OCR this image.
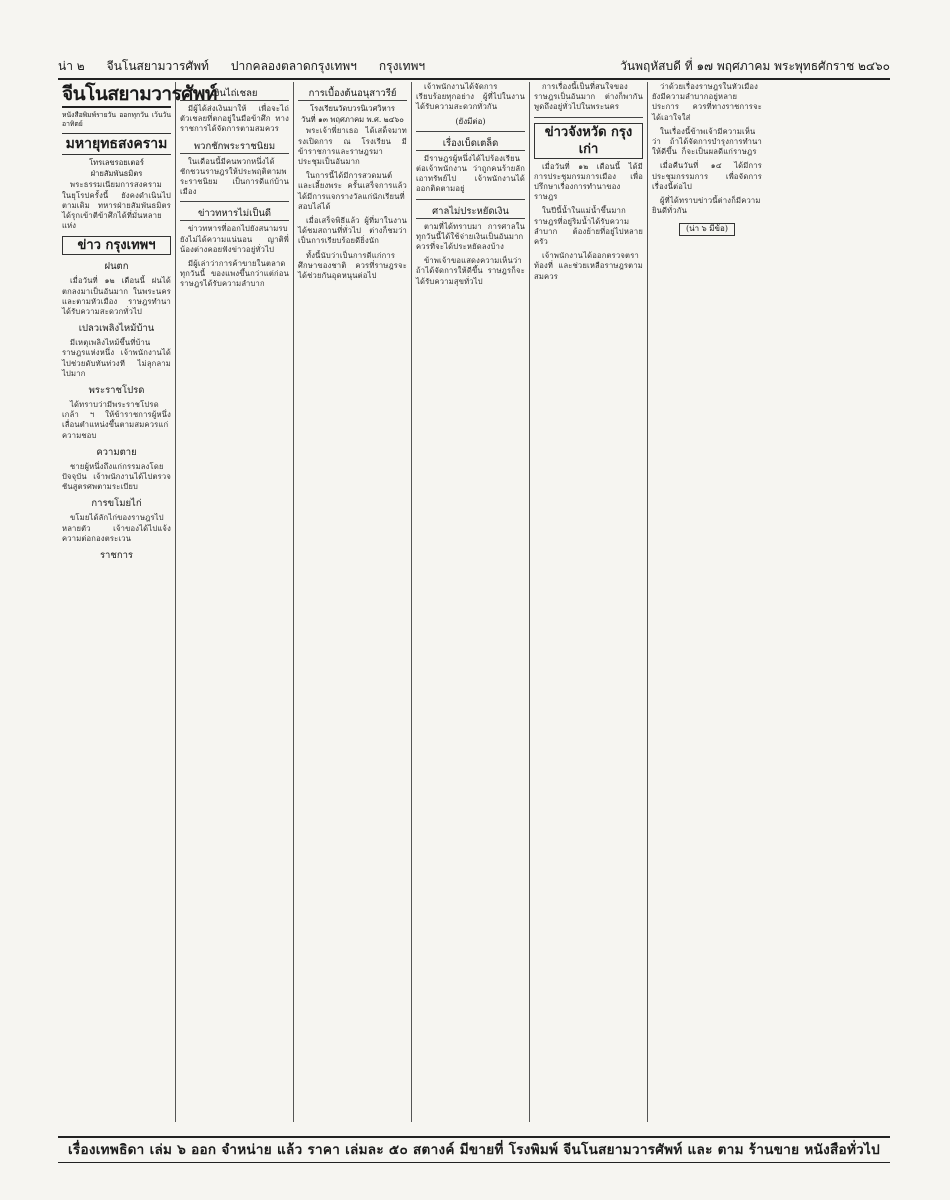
น่า ๒ จีนโนสยามวารศัพท์ ปากคลองตลาดกรุงเทพฯ กรุงเทพฯ	วันพฤหัสบดี ที่ ๑๗ พฤศภาคม พระพุทธศักราช ๒๔๖๐
จีนโนสยามวารศัพท์

หนังสือพิมพ์รายวัน ออกทุกวัน เว้นวันอาทิตย์

มหายุทธสงคราม
โทรเลขรอยเตอร์
ฝ่ายสัมพันธมิตร

พระธรรมเนียมการสงครามในยุโรปครั้งนี้ ยังคงดำเนินไปตามเดิม ทหารฝ่ายสัมพันธมิตรได้รุกเข้าตีข้าศึกได้ที่มั่นหลายแห่ง

ข่าว กรุงเทพฯ
ฝนตก

เมื่อวันที่ ๑๒ เดือนนี้ ฝนได้ตกลงมาเป็นอันมาก ในพระนครและตามหัวเมือง ราษฎรทำนาได้รับความสะดวกทั่วไป

เปลวเพลิงไหม้บ้าน

มีเหตุเพลิงไหม้ขึ้นที่บ้านราษฎรแห่งหนึ่ง เจ้าพนักงานได้ไปช่วยดับทันท่วงที ไม่ลุกลามไปมาก

พระราชโปรด

ได้ทราบว่ามีพระราชโปรดเกล้า ฯ ให้ข้าราชการผู้หนึ่งเลื่อนตำแหน่งขึ้นตามสมควรแก่ความชอบ

ความตาย

ชายผู้หนึ่งถึงแก่กรรมลงโดยปัจจุบัน เจ้าพนักงานได้ไปตรวจชันสูตรศพตามระเบียบ

การขโมยไก่

ขโมยได้ลักไก่ของราษฎรไปหลายตัว เจ้าของได้ไปแจ้งความต่อกองตระเวน

ราชการ
เงินไถ่เชลย

มีผู้ได้ส่งเงินมาให้ เพื่อจะไถ่ตัวเชลยที่ตกอยู่ในมือข้าศึก ทางราชการได้จัดการตามสมควร

พวกชักพระราชนิยม

ในเดือนนี้มีคนพวกหนึ่งได้ชักชวนราษฎรให้ประพฤติตามพระราชนิยม เป็นการดีแก่บ้านเมือง

ข่าวทหารไม่เป็นดี

ข่าวทหารที่ออกไปยังสนามรบ ยังไม่ได้ความแน่นอน ญาติพี่น้องต่างคอยฟังข่าวอยู่ทั่วไป

มีผู้เล่าว่าการค้าขายในตลาดทุกวันนี้ ของแพงขึ้นกว่าแต่ก่อน ราษฎรได้รับความลำบาก

การเบื้องต้นอนุสาวรีย์
โรงเรียนวัดบวรนิเวศวิหาร
วันที่ ๑๓ พฤศภาคม พ.ศ. ๒๔๖๐

พระเจ้าพี่ยาเธอ ได้เสด็จมาทรงเปิดการ ณ โรงเรียน มีข้าราชการและราษฎรมาประชุมเป็นอันมาก

ในการนี้ได้มีการสวดมนต์ และเลี้ยงพระ ครั้นเสร็จการแล้ว ได้มีการแจกรางวัลแก่นักเรียนที่สอบไล่ได้

เมื่อเสร็จพิธีแล้ว ผู้ที่มาในงานได้ชมสถานที่ทั่วไป ต่างก็ชมว่าเป็นการเรียบร้อยดียิ่งนัก

ทั้งนี้นับว่าเป็นการดีแก่การศึกษาของชาติ ควรที่ราษฎรจะได้ช่วยกันอุดหนุนต่อไป

เจ้าพนักงานได้จัดการเรียบร้อยทุกอย่าง ผู้ที่ไปในงานได้รับความสะดวกทั่วกัน

(ยังมีต่อ)
เรื่องเบ็ดเตล็ด

มีราษฎรผู้หนึ่งได้ไปร้องเรียนต่อเจ้าพนักงาน ว่าถูกคนร้ายลักเอาทรัพย์ไป เจ้าพนักงานได้ออกติดตามอยู่

ศาลไม่ประหยัดเงิน

ตามที่ได้ทราบมา การศาลในทุกวันนี้ได้ใช้จ่ายเงินเป็นอันมาก ควรที่จะได้ประหยัดลงบ้าง

ข้าพเจ้าขอแสดงความเห็นว่า ถ้าได้จัดการให้ดีขึ้น ราษฎรก็จะได้รับความสุขทั่วไป

การเรื่องนี้เป็นที่สนใจของราษฎรเป็นอันมาก ต่างก็พากันพูดถึงอยู่ทั่วไปในพระนคร

ข่าวจังหวัด กรุงเก่า

เมื่อวันที่ ๑๒ เดือนนี้ ได้มีการประชุมกรมการเมือง เพื่อปรึกษาเรื่องการทำนาของราษฎร

ในปีนี้น้ำในแม่น้ำขึ้นมาก ราษฎรที่อยู่ริมน้ำได้รับความลำบาก ต้องย้ายที่อยู่ไปหลายครัว

เจ้าพนักงานได้ออกตรวจตราท้องที่ และช่วยเหลือราษฎรตามสมควร

ว่าด้วยเรื่องราษฎรในหัวเมือง ยังมีความลำบากอยู่หลายประการ ควรที่ทางราชการจะได้เอาใจใส่

ในเรื่องนี้ข้าพเจ้ามีความเห็นว่า ถ้าได้จัดการบำรุงการทำนาให้ดีขึ้น ก็จะเป็นผลดีแก่ราษฎร

เมื่อคืนวันที่ ๑๔ ได้มีการประชุมกรรมการ เพื่อจัดการเรื่องนี้ต่อไป

ผู้ที่ได้ทราบข่าวนี้ต่างก็มีความยินดีทั่วกัน

(น่า ๖ มีข้อ)
เรื่องเทพธิดา เล่ม ๖ ออก จำหน่าย แล้ว ราคา เล่มละ ๕๐ สตางค์ มีขายที่ โรงพิมพ์ จีนโนสยามวารศัพท์ และ ตาม ร้านขาย หนังสือทั่วไป
